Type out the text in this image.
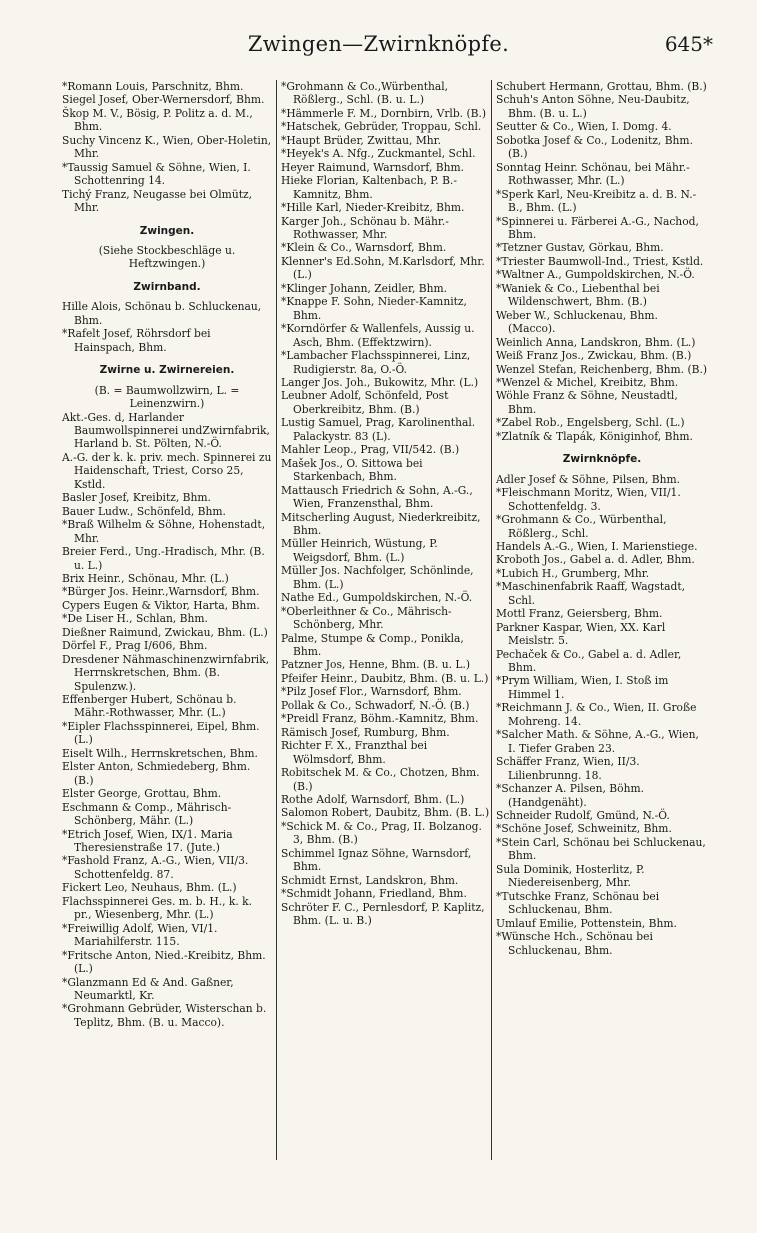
Zwingen—Zwirnknöpfe.	645*
*Romann Louis, Parschnitz, Bhm.
Siegel Josef, Ober-Wernersdorf, Bhm.
Škop M. V., Bösig, P. Politz a. d. M., Bhm.
Suchy Vincenz K., Wien, Ober-Holetin, Mhr.
*Taussig Samuel & Söhne, Wien, I. Schottenring 14.
Tichý Franz, Neugasse bei Olmütz, Mhr.
Zwingen.
(Siehe Stockbeschläge u. Heftzwingen.)
Zwirnband.
Hille Alois, Schönau b. Schluckenau, Bhm.
*Rafelt Josef, Röhrsdorf bei Hainspach, Bhm.
Zwirne u. Zwirnereien.
(B. = Baumwollzwirn, L. = Leinenzwirn.)
Akt.-Ges. d, Harlander Baumwollspinnerei undZwirnfabrik, Harland b. St. Pölten, N.-Ö.
A.-G. der k. k. priv. mech. Spinnerei zu Haidenschaft, Triest, Corso 25, Kstld.
Basler Josef, Kreibitz, Bhm.
Bauer Ludw., Schönfeld, Bhm.
*Braß Wilhelm & Söhne, Hohenstadt, Mhr.
Breier Ferd., Ung.-Hradisch, Mhr. (B. u. L.)
Brix Heinr., Schönau, Mhr. (L.)
*Bürger Jos. Heinr.,Warnsdorf, Bhm.
Cypers Eugen & Viktor, Harta, Bhm.
*De Liser H., Schlan, Bhm.
Dießner Raimund, Zwickau, Bhm. (L.)
Dörfel F., Prag I/606, Bhm.
Dresdener Nähmaschinenzwirnfabrik, Herrnskretschen, Bhm. (B. Spulenzw.).
Effenberger Hubert, Schönau b. Mähr.-Rothwasser, Mhr. (L.)
*Eipler Flachsspinnerei, Eipel, Bhm. (L.)
Eiselt Wilh., Herrnskretschen, Bhm.
Elster Anton, Schmiedeberg, Bhm. (B.)
Elster George, Grottau, Bhm.
Eschmann & Comp., Mährisch-Schönberg, Mähr. (L.)
*Etrich Josef, Wien, IX/1. Maria Theresienstraße 17. (Jute.)
*Fashold Franz, A.-G., Wien, VII/3. Schottenfeldg. 87.
Fickert Leo, Neuhaus, Bhm. (L.)
Flachsspinnerei Ges. m. b. H., k. k. pr., Wiesenberg, Mhr. (L.)
*Freiwillig Adolf, Wien, VI/1. Mariahilferstr. 115.
*Fritsche Anton, Nied.-Kreibitz, Bhm. (L.)
*Glanzmann Ed & And. Gaßner, Neumarktl, Kr.
*Grohmann Gebrüder, Wisterschan b. Teplitz, Bhm. (B. u. Macco).
*Grohmann & Co.,Würbenthal, Rößlerg., Schl. (B. u. L.)
*Hämmerle F. M., Dornbirn, Vrlb. (B.)
*Hatschek, Gebrüder, Troppau, Schl.
*Haupt Brüder, Zwittau, Mhr.
*Heyek's A. Nfg., Zuckmantel, Schl.
Heyer Raimund, Warnsdorf, Bhm.
Hieke Florian, Kaltenbach, P. B.-Kamnitz, Bhm.
*Hille Karl, Nieder-Kreibitz, Bhm.
Karger Joh., Schönau b. Mähr.-Rothwasser, Mhr.
*Klein & Co., Warnsdorf, Bhm.
Klenner's Ed.Sohn, M.Karlsdorf, Mhr. (L.)
*Klinger Johann, Zeidler, Bhm.
*Knappe F. Sohn, Nieder-Kamnitz, Bhm.
*Korndörfer & Wallenfels, Aussig u. Asch, Bhm. (Effektzwirn).
*Lambacher Flachsspinnerei, Linz, Rudigierstr. 8a, O.-Ö.
Langer Jos. Joh., Bukowitz, Mhr. (L.)
Leubner Adolf, Schönfeld, Post Oberkreibitz, Bhm. (B.)
Lustig Samuel, Prag, Karolinenthal. Palackystr. 83 (L).
Mahler Leop., Prag, VII/542. (B.)
Mašek Jos., O. Sittowa bei Starkenbach, Bhm.
Mattausch Friedrich & Sohn, A.-G., Wien, Franzensthal, Bhm.
Mitscherling August, Niederkreibitz, Bhm.
Müller Heinrich, Wüstung, P. Weigsdorf, Bhm. (L.)
Müller Jos. Nachfolger, Schönlinde, Bhm. (L.)
Nathe Ed., Gumpoldskirchen, N.-Ö.
*Oberleithner & Co., Mährisch-Schönberg, Mhr.
Palme, Stumpe & Comp., Ponikla, Bhm.
Patzner Jos, Henne, Bhm. (B. u. L.)
Pfeifer Heinr., Daubitz, Bhm. (B. u. L.)
*Pilz Josef Flor., Warnsdorf, Bhm.
Pollak & Co., Schwadorf, N.-Ö. (B.)
*Preidl Franz, Böhm.-Kamnitz, Bhm.
Rämisch Josef, Rumburg, Bhm.
Richter F. X., Franzthal bei Wölmsdorf, Bhm.
Robitschek M. & Co., Chotzen, Bhm. (B.)
Rothe Adolf, Warnsdorf, Bhm. (L.)
Salomon Robert, Daubitz, Bhm. (B. L.)
*Schick M. & Co., Prag, II. Bolzanog. 3, Bhm. (B.)
Schimmel Ignaz Söhne, Warnsdorf, Bhm.
Schmidt Ernst, Landskron, Bhm.
*Schmidt Johann, Friedland, Bhm.
Schröter F. C., Pernlesdorf, P. Kaplitz, Bhm. (L. u. B.)
Schubert Hermann, Grottau, Bhm. (B.)
Schuh's Anton Söhne, Neu-Daubitz, Bhm. (B. u. L.)
Seutter & Co., Wien, I. Domg. 4.
Sobotka Josef & Co., Lodenitz, Bhm. (B.)
Sonntag Heinr. Schönau, bei Mähr.-Rothwasser, Mhr. (L.)
*Sperk Karl, Neu-Kreibitz a. d. B. N.-B., Bhm. (L.)
*Spinnerei u. Färberei A.-G., Nachod, Bhm.
*Tetzner Gustav, Görkau, Bhm.
*Triester Baumwoll-Ind., Triest, Kstld.
*Waltner A., Gumpoldskirchen, N.-Ö.
*Waniek & Co., Liebenthal bei Wildenschwert, Bhm. (B.)
Weber W., Schluckenau, Bhm. (Macco).
Weinlich Anna, Landskron, Bhm. (L.)
Weiß Franz Jos., Zwickau, Bhm. (B.)
Wenzel Stefan, Reichenberg, Bhm. (B.)
*Wenzel & Michel, Kreibitz, Bhm.
Wöhle Franz & Söhne, Neustadtl, Bhm.
*Zabel Rob., Engelsberg, Schl. (L.)
*Zlatník & Tlapák, Königinhof, Bhm.
Zwirnknöpfe.
Adler Josef & Söhne, Pilsen, Bhm.
*Fleischmann Moritz, Wien, VII/1. Schottenfeldg. 3.
*Grohmann & Co., Würbenthal, Rößlerg., Schl.
Handels A.-G., Wien, I. Marienstiege.
Kroboth Jos., Gabel a. d. Adler, Bhm.
*Lubich H., Grumberg, Mhr.
*Maschinenfabrik Raaff, Wagstadt, Schl.
Mottl Franz, Geiersberg, Bhm.
Parkner Kaspar, Wien, XX. Karl Meislstr. 5.
Pechaček & Co., Gabel a. d. Adler, Bhm.
*Prym William, Wien, I. Stoß im Himmel 1.
*Reichmann J. & Co., Wien, II. Große Mohreng. 14.
*Salcher Math. & Söhne, A.-G., Wien, I. Tiefer Graben 23.
Schäffer Franz, Wien, II/3. Lilienbrunng. 18.
*Schanzer A. Pilsen, Böhm. (Handgenäht).
Schneider Rudolf, Gmünd, N.-Ö.
*Schöne Josef, Schweinitz, Bhm.
*Stein Carl, Schönau bei Schluckenau, Bhm.
Sula Dominik, Hosterlitz, P. Niedereisenberg, Mhr.
*Tutschke Franz, Schönau bei Schluckenau, Bhm.
Umlauf Emilie, Pottenstein, Bhm.
*Wünsche Hch., Schönau bei Schluckenau, Bhm.
